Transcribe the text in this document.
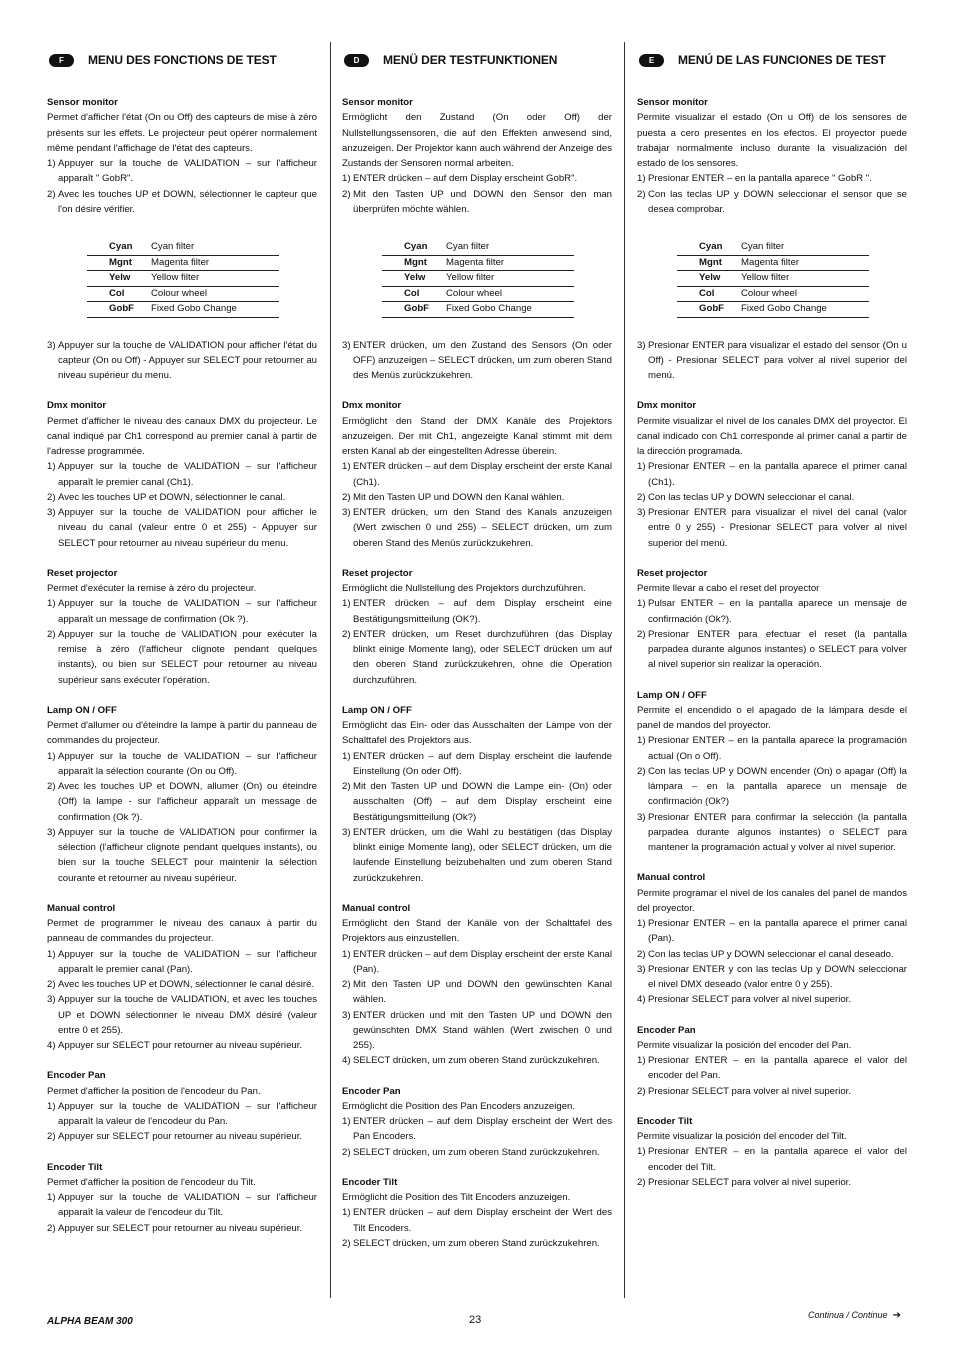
F	MENU DES FONCTIONS DE TEST
Sensor monitor

Permet d'afficher l'état (On ou Off) des capteurs de mise à zéro présents sur les effets. Le projecteur peut opérer normalement même pendant l'affichage de l'état des capteurs.

1) Appuyer sur la touche de VALIDATION – sur l'afficheur apparaît " GobR".
2) Avec les touches UP et DOWN, sélectionner le capteur que l'on désire vérifier.
Cyan	Cyan filter
Mgnt	Magenta filter
Yelw	Yellow filter
Col	Colour wheel
GobF	Fixed Gobo Change
3) Appuyer sur la touche de VALIDATION pour afficher l'état du capteur (On ou Off) - Appuyer sur SELECT pour retourner au niveau supérieur du menu.
Dmx monitor

Permet d'afficher le niveau des canaux DMX du projecteur. Le canal indiqué par Ch1 correspond au premier canal à partir de l'adresse programmée.

1) Appuyer sur la touche de VALIDATION – sur l'afficheur apparaît le premier canal (Ch1).
2) Avec les touches UP et DOWN, sélectionner le canal.
3) Appuyer sur la touche de VALIDATION pour afficher le niveau du canal (valeur entre 0 et 255) - Appuyer sur SELECT pour retourner au niveau supérieur du menu.
Reset projector

Permet d'exécuter la remise à zéro du projecteur.

1) Appuyer sur la touche de VALIDATION – sur l'afficheur apparaît un message de confirmation (Ok ?).
2) Appuyer sur la touche de VALIDATION pour exécuter la remise à zéro (l'afficheur clignote pendant quelques instants), ou bien sur SELECT pour retourner au niveau supérieur sans exécuter l'opération.
Lamp ON / OFF

Permet d'allumer ou d'éteindre la lampe à partir du panneau de commandes du projecteur.

1) Appuyer sur la touche de VALIDATION – sur l'afficheur apparaît la sélection courante (On ou Off).
2) Avec les touches UP et DOWN, allumer (On) ou éteindre (Off) la lampe - sur l'afficheur apparaît un message de confirmation (Ok ?).
3) Appuyer sur la touche de VALIDATION pour confirmer la sélection (l'afficheur clignote pendant quelques instants), ou bien sur la touche SELECT pour maintenir la sélection courante et retourner au niveau supérieur.
Manual control

Permet de programmer le niveau des canaux à partir du panneau de commandes du projecteur.

1) Appuyer sur la touche de VALIDATION – sur l'afficheur apparaît le premier canal (Pan).
2) Avec les touches UP et DOWN, sélectionner le canal désiré.
3) Appuyer sur la touche de VALIDATION, et avec les touches UP et DOWN sélectionner le niveau DMX désiré (valeur entre 0 et 255).
4) Appuyer sur SELECT pour retourner au niveau supérieur.
Encoder Pan

Permet d'afficher la position de l'encodeur du Pan.

1) Appuyer sur la touche de VALIDATION – sur l'afficheur apparaît la valeur de l'encodeur du Pan.
2) Appuyer sur SELECT pour retourner au niveau supérieur.
Encoder Tilt

Permet d'afficher la position de l'encodeur du Tilt.

1) Appuyer sur la touche de VALIDATION – sur l'afficheur apparaît la valeur de l'encodeur du Tilt.
2) Appuyer sur SELECT pour retourner au niveau supérieur.
D	MENÜ DER TESTFUNKTIONEN
Sensor monitor

Ermöglicht den Zustand (On oder Off) der Nullstellungssensoren, die auf den Effekten anwesend sind, anzuzeigen. Der Projektor kann auch während der Anzeige des Zustands der Sensoren normal arbeiten.

1) ENTER drücken – auf dem Display erscheint GobR".
2) Mit den Tasten UP und DOWN den Sensor den man überprüfen möchte wählen.
Cyan	Cyan filter
Mgnt	Magenta filter
Yelw	Yellow filter
Col	Colour wheel
GobF	Fixed Gobo Change
3) ENTER drücken, um den Zustand des Sensors (On oder OFF) anzuzeigen – SELECT drücken, um zum oberen Stand des Menüs zurückzukehren.
Dmx monitor

Ermöglicht den Stand der DMX Kanäle des Projektors anzuzeigen. Der mit Ch1, angezeigte Kanal stimmt mit dem ersten Kanal ab der eingestellten Adresse überein.

1) ENTER drücken – auf dem Display erscheint der erste Kanal (Ch1).
2) Mit den Tasten UP und DOWN den Kanal wählen.
3) ENTER drücken, um den Stand des Kanals anzuzeigen (Wert zwischen 0 und 255) – SELECT drücken, um zum oberen Stand des Menüs zurückzukehren.
Reset projector

Ermöglicht die Nullstellung des Projektors durchzuführen.

1) ENTER drücken – auf dem Display erscheint eine Bestätigungsmitteilung (OK?).
2) ENTER drücken, um Reset durchzuführen (das Display blinkt einige Momente lang), oder SELECT drücken um auf den oberen Stand zurückzukehren, ohne die Operation durchzuführen.
Lamp ON / OFF

Ermöglicht das Ein- oder das Ausschalten der Lampe von der Schalttafel des Projektors aus.

1) ENTER drücken – auf dem Display erscheint die laufende Einstellung (On oder Off).
2) Mit den Tasten UP und DOWN die Lampe ein- (On) oder ausschalten (Off) – auf dem Display erscheint eine Bestätigungsmitteilung (Ok?)
3) ENTER drücken, um die Wahl zu bestätigen (das Display blinkt einige Momente lang), oder SELECT drücken, um die laufende Einstellung beizubehalten und zum oberen Stand zurückzukehren.
Manual control

Ermöglicht den Stand der Kanäle von der Schalttafel des Projektors aus einzustellen.

1) ENTER drücken – auf dem Display erscheint der erste Kanal (Pan).
2) Mit den Tasten UP und DOWN den gewünschten Kanal wählen.
3) ENTER drücken und mit den Tasten UP und DOWN den gewünschten DMX Stand wählen (Wert zwischen 0 und 255).
4) SELECT drücken, um zum oberen Stand zurückzukehren.
Encoder Pan

Ermöglicht die Position des Pan Encoders anzuzeigen.

1) ENTER drücken – auf dem Display erscheint der Wert des Pan Encoders.
2) SELECT drücken, um zum oberen Stand zurückzukehren.
Encoder Tilt

Ermöglicht die Position des Tilt Encoders anzuzeigen.

1) ENTER drücken – auf dem Display erscheint der Wert des Tilt Encoders.
2) SELECT drücken, um zum oberen Stand zurückzukehren.
E	MENÚ DE LAS FUNCIONES DE TEST
Sensor monitor

Permite visualizar el estado (On u Off) de los sensores de puesta a cero presentes en los efectos. El proyector puede trabajar normalmente incluso durante la visualización del estado de los sensores.

1) Presionar ENTER – en la pantalla aparece " GobR ".
2) Con las teclas UP y DOWN seleccionar el sensor que se desea comprobar.
Cyan	Cyan filter
Mgnt	Magenta filter
Yelw	Yellow filter
Col	Colour wheel
GobF	Fixed Gobo Change
3) Presionar ENTER para visualizar el estado del sensor (On u Off) - Presionar SELECT para volver al nivel superior del menú.
Dmx monitor

Permite visualizar el nivel de los canales DMX del proyector. El canal indicado con Ch1 corresponde al primer canal a partir de la dirección programada.

1) Presionar ENTER – en la pantalla aparece el primer canal (Ch1).
2) Con las teclas UP y DOWN seleccionar el canal.
3) Presionar ENTER para visualizar el nivel del canal (valor entre 0 y 255) - Presionar SELECT para volver al nivel superior del menú.
Reset projector

Permite llevar a cabo el reset del proyector

1) Pulsar ENTER – en la pantalla aparece un mensaje de confirmación (Ok?).
2) Presionar ENTER para efectuar el reset (la pantalla parpadea durante algunos instantes) o SELECT para volver al nivel superior sin realizar la operación.
Lamp ON / OFF

Permite el encendido o el apagado de la lámpara desde el panel de mandos del proyector.

1) Presionar ENTER – en la pantalla aparece la programación actual (On o Off).
2) Con las teclas UP y DOWN encender (On) o apagar (Off) la lámpara – en la pantalla aparece un mensaje de confirmación (Ok?)
3) Presionar ENTER para confirmar la selección (la pantalla parpadea durante algunos instantes) o SELECT para mantener la programación actual y volver al nivel superior.
Manual control

Permite programar el nivel de los canales del panel de mandos del proyector.

1) Presionar ENTER – en la pantalla aparece el primer canal (Pan).
2) Con las teclas UP y DOWN seleccionar el canal deseado.
3) Presionar ENTER y con las teclas Up y DOWN seleccionar el nivel DMX deseado (valor entre 0 y 255).
4) Presionar SELECT para volver al nivel superior.
Encoder Pan

Permite visualizar la posición del encoder del Pan.

1) Presionar ENTER – en la pantalla aparece el valor del encoder del Pan.
2) Presionar SELECT para volver al nivel superior.
Encoder Tilt

Permite visualizar la posición del encoder del Tilt.

1) Presionar ENTER – en la pantalla aparece el valor del encoder del Tilt.
2) Presionar SELECT para volver al nivel superior.
ALPHA BEAM 300	23	Continua / Continue ➔
